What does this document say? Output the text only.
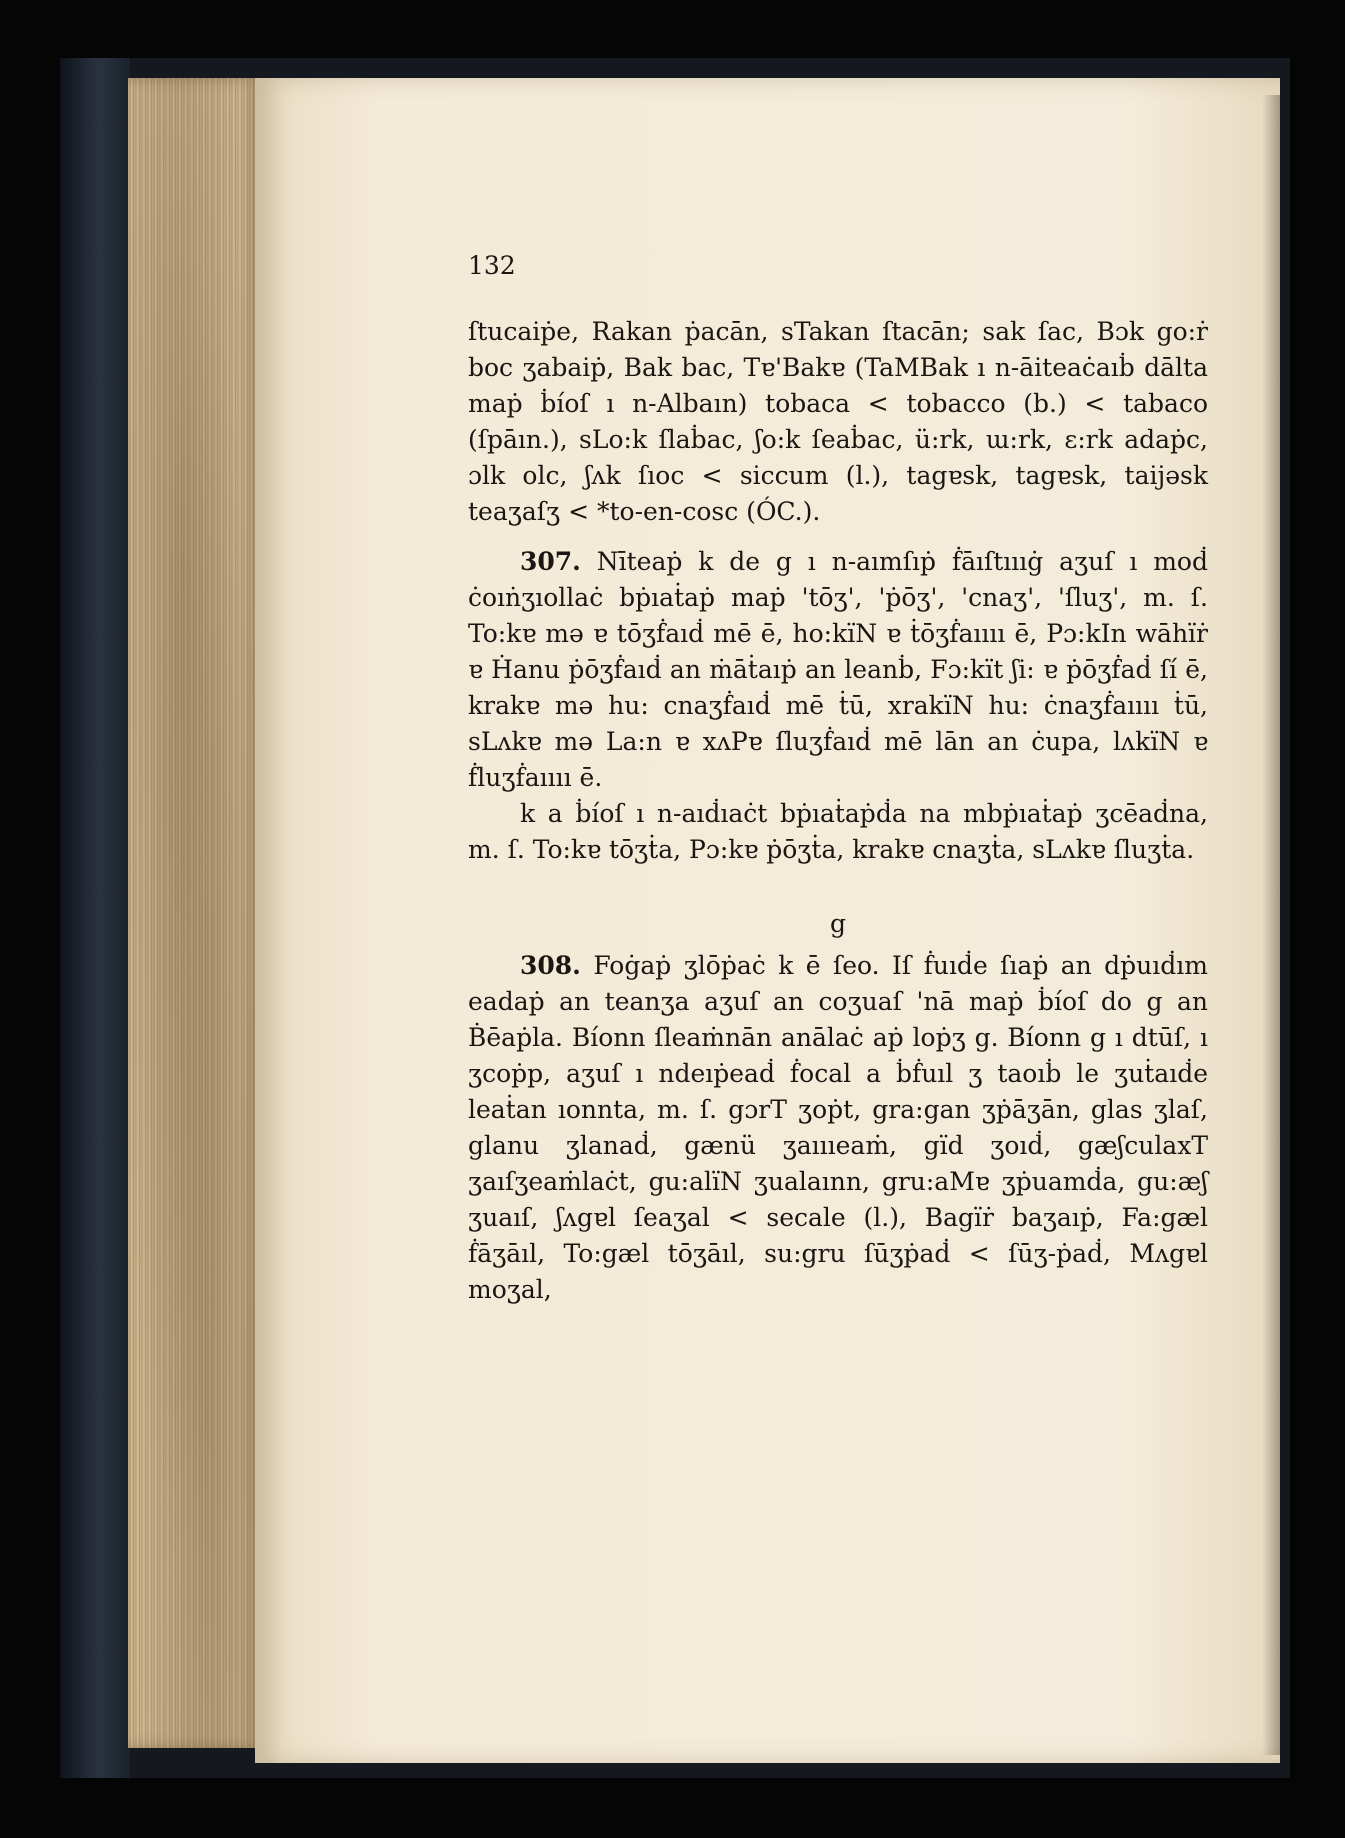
132

ſtucaiṗe, Rakan ṗacān, sTakan ſtacān; sak ſac, Bɔk go:ṙ boc ʒabaiṗ, Bak bac, Tɐ'Bakɐ (TaMBak ı n-āiteaċaıḃ dālta maṗ ḃíoſ ı n-Albaın) tobaca < tobacco (b.) < tabaco (ſpāın.), sLo:k ſlaḃac, ʃo:k ſeaḃac, ü:rk, ɯ:rk, ɛ:rk adaṗc, ɔlk olc, ʃʌk ſıoc < siccum (l.), tagɐsk, tagɐsk, taijəsk teaʒaſʒ < *to-en-cosc (ÓC.).

307. Nīteaṗ k de g ı n-aımſıṗ ḟāıſtıııġ aʒuſ ı moḋ ċoıṅʒıollaċ bṗıaṫaṗ maṗ 'tōʒ', 'ṗōʒ', 'cnaʒ', 'ſluʒ', m. ſ. To:kɐ mə ɐ tōʒḟaıḋ mē ē, ho:kïN ɐ ṫōʒḟaıııı ē, Pɔ:kIn wāhïṙ ɐ Ḣanu ṗōʒḟaıḋ an ṁāṫaıṗ an leanḃ, Fɔ:kït ʃi: ɐ ṗōʒḟaḋ ſí ē, krakɐ mə hu: cnaʒḟaıḋ mē ṫū, xrakïN hu: ċnaʒḟaıııı ṫū, sLʌkɐ mə La:n ɐ xʌPɐ ſluʒḟaıḋ mē lān an ċupa, lʌkïN ɐ ḟluʒḟaıııı ē.

k a ḃíoſ ı n-aıḋıaċt bṗıaṫaṗḋa na mbṗıaṫaṗ ʒcēaḋna, m. ſ. To:kɐ tōʒṫa, Pɔ:kɐ ṗōʒṫa, krakɐ cnaʒṫa, sLʌkɐ ſluʒṫa.

g

308. Foġaṗ ʒlōṗaċ k ē ſeo. Iſ ḟuıḋe ſıaṗ an dṗuıḋım eadaṗ an teanʒa aʒuſ an coʒuaſ 'nā maṗ ḃíoſ do g an Ḃēaṗla. Bíonn ſleaṁnān anālaċ aṗ loṗʒ g. Bíonn g ı dtūſ, ı ʒcoṗp, aʒuſ ı ndeıṗeaḋ ḟocal a ḃḟuıl ʒ taoıḃ le ʒuṫaıḋe leaṫan ıonnta, m. ſ. gɔrT ʒoṗt, gra:gan ʒṗāʒān, glas ʒlaſ, glanu ʒlanaḋ, gænü ʒaıııeaṁ, gïd ʒoıḋ, gæʃculaxT ʒaıſʒeaṁlaċt, gu:alïN ʒualaınn, gru:aMɐ ʒṗuamḋa, gu:æʃ ʒuaıſ, ʃʌgɐl ſeaʒal < secale (l.), Bagïṙ baʒaıṗ, Fa:gæl ḟāʒāıl, To:gæl tōʒāıl, su:gru ſūʒṗaḋ < ſūʒ-ṗaḋ, Mʌgɐl moʒal,
